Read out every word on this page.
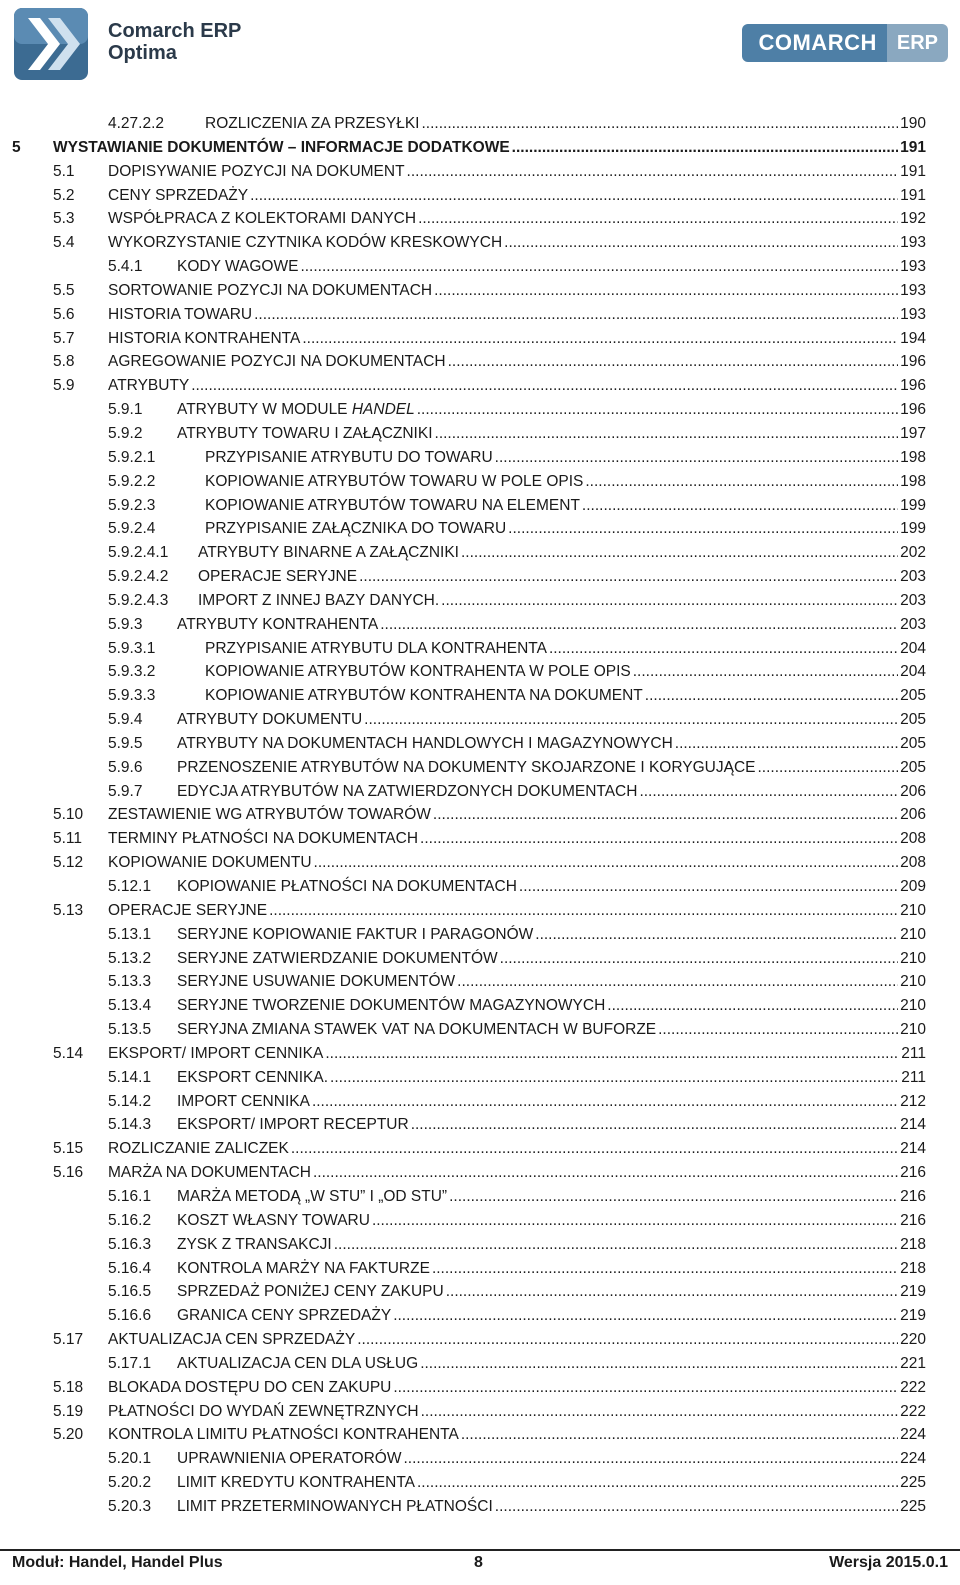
Comarch ERP
Optima	COMARCH	ERP
4.27.2.2	ROZLICZENIA ZA PRZESYŁKI .....	190
5 WYSTAWIANIE DOKUMENTÓW – INFORMACJE DODATKOWE .....	191
5.1 DOPISYWANIE POZYCJI NA DOKUMENT .....	191
5.2 CENY SPRZEDAŻY .....	191
5.3 WSPÓŁPRACA Z KOLEKTORAMI DANYCH .....	192
5.4 WYKORZYSTANIE CZYTNIKA KODÓW KRESKOWYCH .....	193
5.4.1 KODY WAGOWE .....	193
5.5 SORTOWANIE POZYCJI NA DOKUMENTACH .....	193
5.6 HISTORIA TOWARU .....	193
5.7 HISTORIA KONTRAHENTA .....	194
5.8 AGREGOWANIE POZYCJI NA DOKUMENTACH .....	196
5.9 ATRYBUTY .....	196
5.9.1 ATRYBUTY W MODULE HANDEL .....	196
5.9.2 ATRYBUTY TOWARU I ZAŁĄCZNIKI .....	197
5.9.2.1	PRZYPISANIE ATRYBUTU DO TOWARU .....	198
5.9.2.2	KOPIOWANIE ATRYBUTÓW TOWARU W POLE OPIS .....	198
5.9.2.3	KOPIOWANIE ATRYBUTÓW TOWARU NA ELEMENT .....	199
5.9.2.4	PRZYPISANIE ZAŁĄCZNIKA DO TOWARU .....	199
5.9.2.4.1 ATRYBUTY BINARNE A ZAŁĄCZNIKI .....	202
5.9.2.4.2 OPERACJE SERYJNE .....	203
5.9.2.4.3 IMPORT Z INNEJ BAZY DANYCH. .....	203
5.9.3 ATRYBUTY KONTRAHENTA .....	203
5.9.3.1	PRZYPISANIE ATRYBUTU DLA KONTRAHENTA .....	204
5.9.3.2	KOPIOWANIE ATRYBUTÓW KONTRAHENTA W POLE OPIS .....	204
5.9.3.3	KOPIOWANIE ATRYBUTÓW KONTRAHENTA NA DOKUMENT .....	205
5.9.4 ATRYBUTY DOKUMENTU .....	205
5.9.5 ATRYBUTY NA DOKUMENTACH HANDLOWYCH I MAGAZYNOWYCH .....	205
5.9.6 PRZENOSZENIE ATRYBUTÓW NA DOKUMENTY SKOJARZONE I KORYGUJĄCE .....	205
5.9.7 EDYCJA ATRYBUTÓW NA ZATWIERDZONYCH DOKUMENTACH .....	206
5.10 ZESTAWIENIE WG ATRYBUTÓW TOWARÓW .....	206
5.11 TERMINY PŁATNOŚCI NA DOKUMENTACH .....	208
5.12 KOPIOWANIE DOKUMENTU .....	208
5.12.1 KOPIOWANIE PŁATNOŚCI NA DOKUMENTACH .....	209
5.13 OPERACJE SERYJNE .....	210
5.13.1 SERYJNE KOPIOWANIE FAKTUR I PARAGONÓW .....	210
5.13.2 SERYJNE ZATWIERDZANIE DOKUMENTÓW .....	210
5.13.3 SERYJNE USUWANIE DOKUMENTÓW .....	210
5.13.4 SERYJNE TWORZENIE DOKUMENTÓW MAGAZYNOWYCH .....	210
5.13.5 SERYJNA ZMIANA STAWEK VAT NA DOKUMENTACH W BUFORZE .....	210
5.14 EKSPORT/ IMPORT CENNIKA .....	211
5.14.1 EKSPORT CENNIKA. .....	211
5.14.2 IMPORT CENNIKA .....	212
5.14.3 EKSPORT/ IMPORT RECEPTUR .....	214
5.15 ROZLICZANIE ZALICZEK .....	214
5.16 MARŻA NA DOKUMENTACH .....	216
5.16.1 MARŻA METODĄ „W STU” I „OD STU” .....	216
5.16.2 KOSZT WŁASNY TOWARU .....	216
5.16.3 ZYSK Z TRANSAKCJI .....	218
5.16.4 KONTROLA MARŻY NA FAKTURZE .....	218
5.16.5 SPRZEDAŻ PONIŻEJ CENY ZAKUPU .....	219
5.16.6 GRANICA CENY SPRZEDAŻY .....	219
5.17 AKTUALIZACJA CEN SPRZEDAŻY .....	220
5.17.1 AKTUALIZACJA CEN DLA USŁUG .....	221
5.18 BLOKADA DOSTĘPU DO CEN ZAKUPU .....	222
5.19 PŁATNOŚCI DO WYDAŃ ZEWNĘTRZNYCH .....	222
5.20 KONTROLA LIMITU PŁATNOŚCI KONTRAHENTA .....	224
5.20.1 UPRAWNIENIA OPERATORÓW .....	224
5.20.2 LIMIT KREDYTU KONTRAHENTA .....	225
5.20.3 LIMIT PRZETERMINOWANYCH PŁATNOŚCI .....	225
Moduł: Handel, Handel Plus	8	Wersja 2015.0.1
